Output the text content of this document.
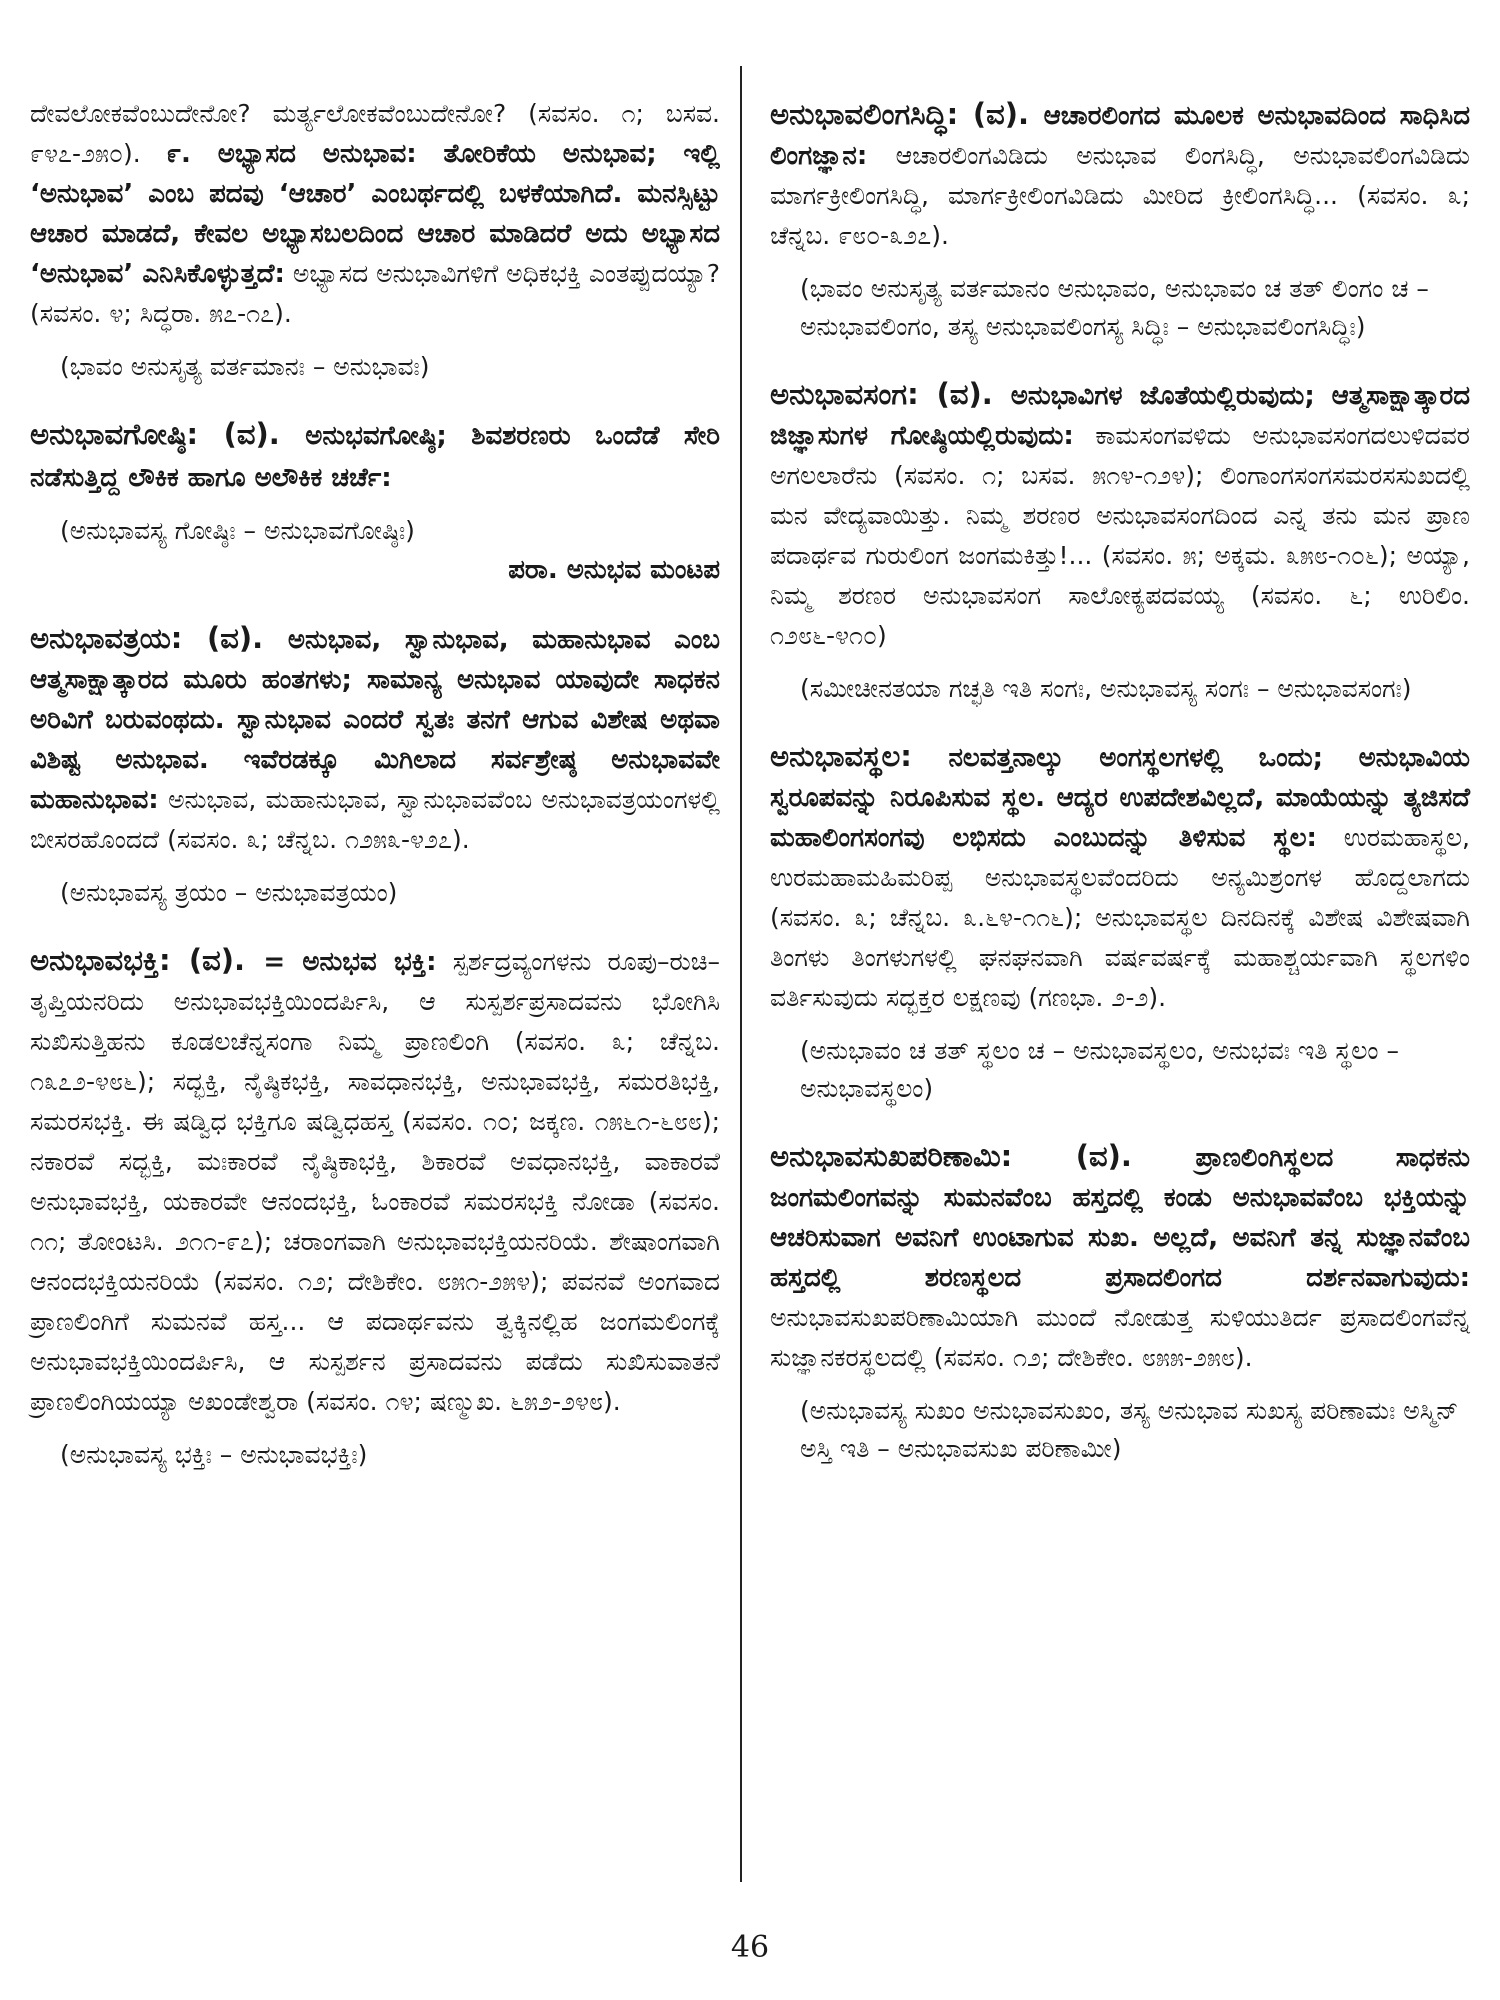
ದೇವಲೋಕವೆಂಬುದೇನೋ? ಮರ್ತ್ಯಲೋಕವೆಂಬುದೇನೋ? (ಸವಸಂ. ೧; ಬಸವ. ೯೪೭-೨೫೦). ೯. ಅಭ್ಯಾಸದ ಅನುಭಾವ: ತೋರಿಕೆಯ ಅನುಭಾವ; ಇಲ್ಲಿ ‘ಅನುಭಾವ’ ಎಂಬ ಪದವು ‘ಆಚಾರ’ ಎಂಬರ್ಥದಲ್ಲಿ ಬಳಕೆಯಾಗಿದೆ. ಮನಸ್ಸಿಟ್ಟು ಆಚಾರ ಮಾಡದೆ, ಕೇವಲ ಅಭ್ಯಾಸಬಲದಿಂದ ಆಚಾರ ಮಾಡಿದರೆ ಅದು ಅಭ್ಯಾಸದ ‘ಅನುಭಾವ’ ಎನಿಸಿಕೊಳ್ಳುತ್ತದೆ: ಅಭ್ಯಾಸದ ಅನುಭಾವಿಗಳಿಗೆ ಅಧಿಕಭಕ್ತಿ ಎಂತಪ್ಪುದಯ್ಯಾ? (ಸವಸಂ. ೪; ಸಿದ್ಧರಾ. ೫೭-೧೭).
(ಭಾವಂ ಅನುಸೃತ್ಯ ವರ್ತಮಾನಃ – ಅನುಭಾವಃ)
ಅನುಭಾವಗೋಷ್ಠಿ: (ವ). ಅನುಭವಗೋಷ್ಠಿ; ಶಿವಶರಣರು ಒಂದೆಡೆ ಸೇರಿ ನಡೆಸುತ್ತಿದ್ದ ಲೌಕಿಕ ಹಾಗೂ ಅಲೌಕಿಕ ಚರ್ಚೆ:
(ಅನುಭಾವಸ್ಯ ಗೋಷ್ಠಿಃ – ಅನುಭಾವಗೋಷ್ಠಿಃ)
ಪರಾ. ಅನುಭವ ಮಂಟಪ
ಅನುಭಾವತ್ರಯ: (ವ). ಅನುಭಾವ, ಸ್ವಾನುಭಾವ, ಮಹಾನುಭಾವ ಎಂಬ ಆತ್ಮಸಾಕ್ಷಾತ್ಕಾರದ ಮೂರು ಹಂತಗಳು; ಸಾಮಾನ್ಯ ಅನುಭಾವ ಯಾವುದೇ ಸಾಧಕನ ಅರಿವಿಗೆ ಬರುವಂಥದು. ಸ್ವಾನುಭಾವ ಎಂದರೆ ಸ್ವತಃ ತನಗೆ ಆಗುವ ವಿಶೇಷ ಅಥವಾ ವಿಶಿಷ್ಟ ಅನುಭಾವ. ಇವೆರಡಕ್ಕೂ ಮಿಗಿಲಾದ ಸರ್ವಶ್ರೇಷ್ಠ ಅನುಭಾವವೇ ಮಹಾನುಭಾವ: ಅನುಭಾವ, ಮಹಾನುಭಾವ, ಸ್ವಾನುಭಾವವೆಂಬ ಅನುಭಾವತ್ರಯಂಗಳಲ್ಲಿ ಬೀಸರಹೊಂದದೆ (ಸವಸಂ. ೩; ಚೆನ್ನಬ. ೧೨೫೩-೪೨೭).
(ಅನುಭಾವಸ್ಯ ತ್ರಯಂ – ಅನುಭಾವತ್ರಯಂ)
ಅನುಭಾವಭಕ್ತಿ: (ವ). = ಅನುಭವ ಭಕ್ತಿ: ಸ್ಪರ್ಶದ್ರವ್ಯಂಗಳನು ರೂಪು–ರುಚಿ–ತೃಪ್ತಿಯನರಿದು ಅನುಭಾವಭಕ್ತಿಯಿಂದರ್ಪಿಸಿ, ಆ ಸುಸ್ಪರ್ಶಪ್ರಸಾದವನು ಭೋಗಿಸಿ ಸುಖಿಸುತ್ತಿಹನು ಕೂಡಲಚೆನ್ನಸಂಗಾ ನಿಮ್ಮ ಪ್ರಾಣಲಿಂಗಿ (ಸವಸಂ. ೩; ಚೆನ್ನಬ. ೧೩೭೨-೪೮೬); ಸದ್ಭಕ್ತಿ, ನೈಷ್ಠಿಕಭಕ್ತಿ, ಸಾವಧಾನಭಕ್ತಿ, ಅನುಭಾವಭಕ್ತಿ, ಸಮರತಿಭಕ್ತಿ, ಸಮರಸಭಕ್ತಿ. ಈ ಷಡ್ವಿಧ ಭಕ್ತಿಗೂ ಷಡ್ವಿಧಹಸ್ತ (ಸವಸಂ. ೧೦; ಜಕ್ಕಣ. ೧೫೬೧-೬೮೮); ನಕಾರವೆ ಸದ್ಭಕ್ತಿ, ಮಃಕಾರವೆ ನೈಷ್ಠಿಕಾಭಕ್ತಿ, ಶಿಕಾರವೆ ಅವಧಾನಭಕ್ತಿ, ವಾಕಾರವೆ ಅನುಭಾವಭಕ್ತಿ, ಯಕಾರವೇ ಆನಂದಭಕ್ತಿ, ಓಂಕಾರವೆ ಸಮರಸಭಕ್ತಿ ನೋಡಾ (ಸವಸಂ. ೧೧; ತೋಂಟಸಿ. ೨೧೧-೯೭); ಚರಾಂಗವಾಗಿ ಅನುಭಾವಭಕ್ತಿಯನರಿಯೆ. ಶೇಷಾಂಗವಾಗಿ ಆನಂದಭಕ್ತಿಯನರಿಯೆ (ಸವಸಂ. ೧೨; ದೇಶಿಕೇಂ. ೮೫೧-೨೫೪); ಪವನವೆ ಅಂಗವಾದ ಪ್ರಾಣಲಿಂಗಿಗೆ ಸುಮನವೆ ಹಸ್ತ... ಆ ಪದಾರ್ಥವನು ತ್ವಕ್ಕಿನಲ್ಲಿಹ ಜಂಗಮಲಿಂಗಕ್ಕೆ ಅನುಭಾವಭಕ್ತಿಯಿಂದರ್ಪಿಸಿ, ಆ ಸುಸ್ಪರ್ಶನ ಪ್ರಸಾದವನು ಪಡೆದು ಸುಖಿಸುವಾತನೆ ಪ್ರಾಣಲಿಂಗಿಯಯ್ಯಾ ಅಖಂಡೇಶ್ವರಾ (ಸವಸಂ. ೧೪; ಷಣ್ಮುಖ. ೬೫೨-೨೪೮).
(ಅನುಭಾವಸ್ಯ ಭಕ್ತಿಃ – ಅನುಭಾವಭಕ್ತಿಃ)
ಅನುಭಾವಲಿಂಗಸಿದ್ಧಿ: (ವ). ಆಚಾರಲಿಂಗದ ಮೂಲಕ ಅನುಭಾವದಿಂದ ಸಾಧಿಸಿದ ಲಿಂಗಜ್ಞಾನ: ಆಚಾರಲಿಂಗವಿಡಿದು ಅನುಭಾವ ಲಿಂಗಸಿದ್ಧಿ, ಅನುಭಾವಲಿಂಗವಿಡಿದು ಮಾರ್ಗಕ್ರೀಲಿಂಗಸಿದ್ಧಿ, ಮಾರ್ಗಕ್ರೀಲಿಂಗವಿಡಿದು ಮೀರಿದ ಕ್ರೀಲಿಂಗಸಿದ್ಧಿ... (ಸವಸಂ. ೩; ಚೆನ್ನಬ. ೯೮೦-೩೨೭).
(ಭಾವಂ ಅನುಸೃತ್ಯ ವರ್ತಮಾನಂ ಅನುಭಾವಂ, ಅನುಭಾವಂ ಚ ತತ್ ಲಿಂಗಂ ಚ – ಅನುಭಾವಲಿಂಗಂ, ತಸ್ಯ ಅನುಭಾವಲಿಂಗಸ್ಯ ಸಿದ್ಧಿಃ – ಅನುಭಾವಲಿಂಗಸಿದ್ಧಿಃ)
ಅನುಭಾವಸಂಗ: (ವ). ಅನುಭಾವಿಗಳ ಜೊತೆಯಲ್ಲಿರುವುದು; ಆತ್ಮಸಾಕ್ಷಾತ್ಕಾರದ ಜಿಜ್ಞಾಸುಗಳ ಗೋಷ್ಠಿಯಲ್ಲಿರುವುದು: ಕಾಮಸಂಗವಳಿದು ಅನುಭಾವಸಂಗದಲುಳಿದವರ ಅಗಲಲಾರೆನು (ಸವಸಂ. ೧; ಬಸವ. ೫೧೪-೧೨೪); ಲಿಂಗಾಂಗಸಂಗಸಮರಸಸುಖದಲ್ಲಿ ಮನ ವೇದ್ಯವಾಯಿತ್ತು. ನಿಮ್ಮ ಶರಣರ ಅನುಭಾವಸಂಗದಿಂದ ಎನ್ನ ತನು ಮನ ಪ್ರಾಣ ಪದಾರ್ಥವ ಗುರುಲಿಂಗ ಜಂಗಮಕಿತ್ತು!... (ಸವಸಂ. ೫; ಅಕ್ಕಮ. ೩೫೮-೧೦೬); ಅಯ್ಯಾ, ನಿಮ್ಮ ಶರಣರ ಅನುಭಾವಸಂಗ ಸಾಲೋಕ್ಯಪದವಯ್ಯ (ಸವಸಂ. ೬; ಉರಿಲಿಂ. ೧೨೮೬-೪೧೦)
(ಸಮೀಚೀನತಯಾ ಗಚ್ಛತಿ ಇತಿ ಸಂಗಃ, ಅನುಭಾವಸ್ಯ ಸಂಗಃ – ಅನುಭಾವಸಂಗಃ)
ಅನುಭಾವಸ್ಥಲ: ನಲವತ್ತನಾಲ್ಕು ಅಂಗಸ್ಥಲಗಳಲ್ಲಿ ಒಂದು; ಅನುಭಾವಿಯ ಸ್ವರೂಪವನ್ನು ನಿರೂಪಿಸುವ ಸ್ಥಲ. ಆದ್ಯರ ಉಪದೇಶವಿಲ್ಲದೆ, ಮಾಯೆಯನ್ನು ತ್ಯಜಿಸದೆ ಮಹಾಲಿಂಗಸಂಗವು ಲಭಿಸದು ಎಂಬುದನ್ನು ತಿಳಿಸುವ ಸ್ಥಲ: ಉರಮಹಾಸ್ಥಲ, ಉರಮಹಾಮಹಿಮರಿಪ್ಪ ಅನುಭಾವಸ್ಥಲವೆಂದರಿದು ಅನ್ಯಮಿಶ್ರಂಗಳ ಹೊದ್ದಲಾಗದು (ಸವಸಂ. ೩; ಚೆನ್ನಬ. ೩.೬೪-೧೧೬); ಅನುಭಾವಸ್ಥಲ ದಿನದಿನಕ್ಕೆ ವಿಶೇಷ ವಿಶೇಷವಾಗಿ ತಿಂಗಳು ತಿಂಗಳುಗಳಲ್ಲಿ ಘನಘನವಾಗಿ ವರ್ಷವರ್ಷಕ್ಕೆ ಮಹಾಶ್ಚರ್ಯವಾಗಿ ಸ್ಥಲಗಳಿಂ ವರ್ತಿಸುವುದು ಸದ್ಭಕ್ತರ ಲಕ್ಷಣವು (ಗಣಭಾ. ೨-೨).
(ಅನುಭಾವಂ ಚ ತತ್ ಸ್ಥಲಂ ಚ – ಅನುಭಾವಸ್ಥಲಂ, ಅನುಭವಃ ಇತಿ ಸ್ಥಲಂ – ಅನುಭಾವಸ್ಥಲಂ)
ಅನುಭಾವಸುಖಪರಿಣಾಮಿ: (ವ). ಪ್ರಾಣಲಿಂಗಿಸ್ಥಲದ ಸಾಧಕನು ಜಂಗಮಲಿಂಗವನ್ನು ಸುಮನವೆಂಬ ಹಸ್ತದಲ್ಲಿ ಕಂಡು ಅನುಭಾವವೆಂಬ ಭಕ್ತಿಯನ್ನು ಆಚರಿಸುವಾಗ ಅವನಿಗೆ ಉಂಟಾಗುವ ಸುಖ. ಅಲ್ಲದೆ, ಅವನಿಗೆ ತನ್ನ ಸುಜ್ಞಾನವೆಂಬ ಹಸ್ತದಲ್ಲಿ ಶರಣಸ್ಥಲದ ಪ್ರಸಾದಲಿಂಗದ ದರ್ಶನವಾಗುವುದು: ಅನುಭಾವಸುಖಪರಿಣಾಮಿಯಾಗಿ ಮುಂದೆ ನೋಡುತ್ತ ಸುಳಿಯುತಿರ್ದ ಪ್ರಸಾದಲಿಂಗವೆನ್ನ ಸುಜ್ಞಾನಕರಸ್ಥಲದಲ್ಲಿ (ಸವಸಂ. ೧೨; ದೇಶಿಕೇಂ. ೮೫೫-೨೫೮).
(ಅನುಭಾವಸ್ಯ ಸುಖಂ ಅನುಭಾವಸುಖಂ, ತಸ್ಯ ಅನುಭಾವ ಸುಖಸ್ಯ ಪರಿಣಾಮಃ ಅಸ್ಮಿನ್ ಅಸ್ತಿ ಇತಿ – ಅನುಭಾವಸುಖ ಪರಿಣಾಮೀ)
46
